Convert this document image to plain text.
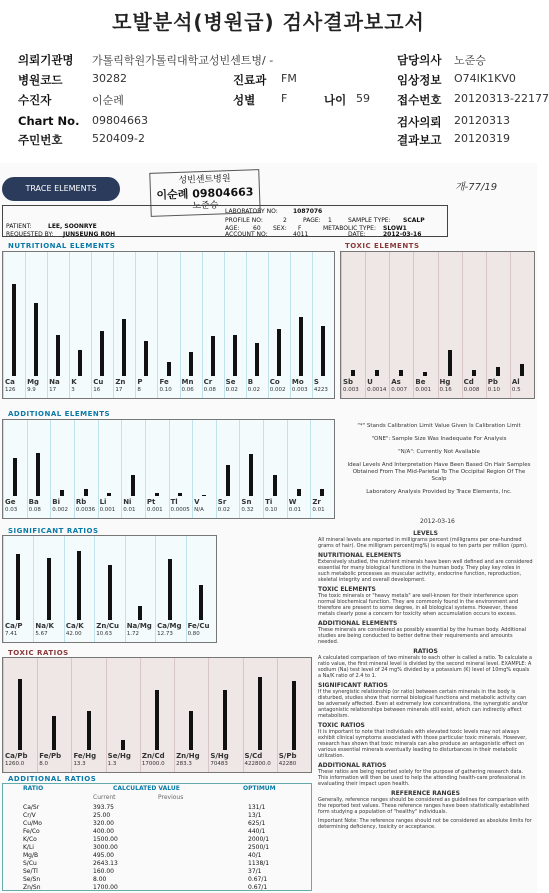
모발분석(병원급) 검사결과보고서
의뢰기관명 가톨릭학원가톨릭대학교성빈센트병/ -	담당의사 노준승
병원코드	30282	진료과 FM	임상정보 O74IK1KV0
수진자	이순례	성별 F	나이 59 접수번호 20120313-22177
Chart No. 09804663	검사의뢰 20120313
주민번호	520409-2	결과보고 20120319
TRACE ELEMENTS
성빈센트병원
이순례 09804663
노준승
개-77/19
LABORATORY NO:	1087076
PROFILE NO:	2	PAGE: 1	SAMPLE TYPE: SCALP
PATIENT:	LEE, SOONRYE	AGE: 60 SEX: F	METABOLIC TYPE: SLOW1
REQUESTED BY: JUNSEUNG ROH	ACCOUNT NO:	4011	DATE:	2012-03-16
NUTRITIONAL ELEMENTS	TOXIC ELEMENTS
Ca
126
Mg
9.9
Na
17
K
3
Cu
16
Zn
17
P
8
Fe
0.10
Mn
0.06
Cr
0.08
Se
0.02
B
0.02
Co
0.002
Mo
0.003
S
4223
Sb
0.003
U
0.0014
As
0.007
Be
0.001
Hg
0.16
Cd
0.008
Pb
0.10
Al
0.5
ADDITIONAL ELEMENTS
Ge
0.03
Ba
0.08
Bi
0.002
Rb
0.0036
Li
0.001
Ni
0.01
Pt
0.001
Tl
0.0005
V
N/A
Sr
0.02
Sn
0.32
Ti
0.10
W
0.01
Zr
0.01
"*" Stands Calibration Limit Value Given Is Calibration Limit
"ONE": Sample Size Was Inadequate For Analysis
"N/A": Currently Not Available
Ideal Levels And Interpretation Have Been Based On Hair Samples Obtained From The Mid-Parietal To The Occipital Region Of The Scalp
Laboratory Analysis Provided by Trace Elements, Inc.
2012-03-16
SIGNIFICANT RATIOS
Ca/P
7.41
Na/K
5.67
Ca/K
42.00
Zn/Cu
10.63
Na/Mg
1.72
Ca/Mg
12.73
Fe/Cu
0.80
TOXIC RATIOS
Ca/Pb
1260.0
Fe/Pb
8.0
Fe/Hg
13.3
Se/Hg
1.3
Zn/Cd
17000.0
Zn/Hg
283.3
S/Hg
70483
S/Cd
422800.0
S/Pb
42280
ADDITIONAL RATIOS
RATIO	CALCULATED VALUE	OPTIMUM
Current	Previous
Ca/Sr	393.75	131/1
Cr/V	25.00	13/1
Cu/Mo	320.00	625/1
Fe/Co	400.00	440/1
K/Co	1500.00	2000/1
K/Li	3000.00	2500/1
Mg/B	495.00	40/1
S/Cu	2643.13	1138/1
Se/Tl	160.00	37/1
Se/Sn	8.00	0.67/1
Zn/Sn	1700.00	0.67/1
LEVELS
All mineral levels are reported in milligrams percent (milligrams per one-hundred grams of hair). One milligram percent(mg%) is equal to ten parts per million (ppm).
NUTRITIONAL ELEMENTS
Extensively studied, the nutrient minerals have been well defined and are considered essential for many biological functions in the human body. They play key roles in such metabolic processes as muscular activity, endocrine function, reproduction, skeletal integrity and overall development.
TOXIC ELEMENTS
The toxic minerals or "heavy metals" are well-known for their interference upon normal biochemical function. They are commonly found in the environment and therefore are present to some degree, in all biological systems. However, these metals clearly pose a concern for toxicity when accumulation occurs to excess.
ADDITIONAL ELEMENTS
These minerals are considered as possibly essential by the human body. Additional studies are being conducted to better define their requirements and amounts needed.
RATIOS
A calculated comparison of two minerals to each other is called a ratio. To calculate a ratio value, the first mineral level is divided by the second mineral level. EXAMPLE: A sodium (Na) test level of 24 mg% divided by a potassium (K) level of 10mg% equals a Na/K ratio of 2.4 to 1.
SIGNIFICANT RATIOS
If the synergistic relationship (or ratio) between certain minerals in the body is disturbed, studies show that normal biological functions and metabolic activity can be adversely affected. Even at extremely low concentrations, the synergistic and/or antagonistic relationships between minerals still exist, which can indirectly affect metabolism.
TOXIC RATIOS
It is important to note that individuals with elevated toxic levels may not always exhibit clinical symptoms associated with those particular toxic minerals. However, research has shown that toxic minerals can also produce an antagonistic effect on various essential minerals eventually leading to disturbances in their metabolic utilization.
ADDITIONAL RATIOS
These ratios are being reported solely for the purpose of gathering research data. This information will then be used to help the attending health-care professional in evaluating their impact upon health.
REFERENCE RANGES
Generally, reference ranges should be considered as guidelines for comparison with the reported test values. These reference ranges have been statistically established form studying a population of "healthy" individuals.
Important Note: The reference ranges should not be considered as absolute limits for determining deficiency, toxicity or acceptance.
